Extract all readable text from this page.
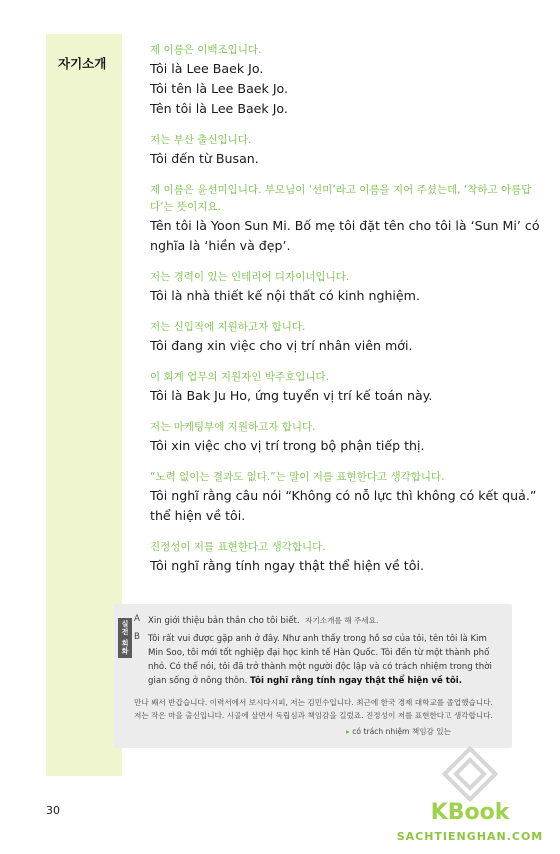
자기소개
제 이름은 이백조입니다.
Tôi là Lee Baek Jo.
Tôi tên là Lee Baek Jo.
Tên tôi là Lee Baek Jo.
저는 부산 출신입니다.
Tôi đến từ Busan.
제 이름은 윤선미입니다. 부모님이 ‘선미’라고 이름을 지어 주셨는데, ‘착하고 아름답다’는 뜻이지요.
Tên tôi là Yoon Sun Mi. Bố mẹ tôi đặt tên cho tôi là ‘Sun Mi’ có nghĩa là ‘hiền và đẹp’.
저는 경력이 있는 인테리어 디자이너입니다.
Tôi là nhà thiết kế nội thất có kinh nghiệm.
저는 신입직에 지원하고자 합니다.
Tôi đang xin việc cho vị trí nhân viên mới.
이 회계 업무의 지원자인 박주호입니다.
Tôi là Bak Ju Ho, ứng tuyển vị trí kế toán này.
저는 마케팅부에 지원하고자 합니다.
Tôi xin việc cho vị trí trong bộ phận tiếp thị.
“노력 없이는 결과도 없다.”는 말이 저를 표현한다고 생각합니다.
Tôi nghĩ rằng câu nói “Không có nỗ lực thì không có kết quả.” thể hiện về tôi.
진정성이 저를 표현한다고 생각합니다.
Tôi nghĩ rằng tính ngay thật thể hiện về tôi.
실전 회화
A Xin giới thiệu bản thân cho tôi biết. 자기소개를 해 주세요.
B Tôi rất vui được gặp anh ở đây. Như anh thấy trong hồ sơ của tôi, tên tôi là Kim Min Soo, tôi mới tốt nghiệp đại học kinh tế Hàn Quốc. Tôi đến từ một thành phố nhỏ. Có thể nói, tôi đã trở thành một người độc lập và có trách nhiệm trong thời gian sống ở nông thôn. Tôi nghĩ rằng tính ngay thật thể hiện về tôi.
만나 봬서 반갑습니다. 이력서에서 보시다시피, 저는 김민수입니다. 최근에 한국 경제 대학교를 졸업했습니다. 저는 작은 마을 출신입니다. 시골에 살면서 독립심과 책임감을 길렀죠. 진정성이 저를 표현한다고 생각합니다.
▸ có trách nhiệm 책임감 있는
30	KBook
SACHTIENGHAN.COM
